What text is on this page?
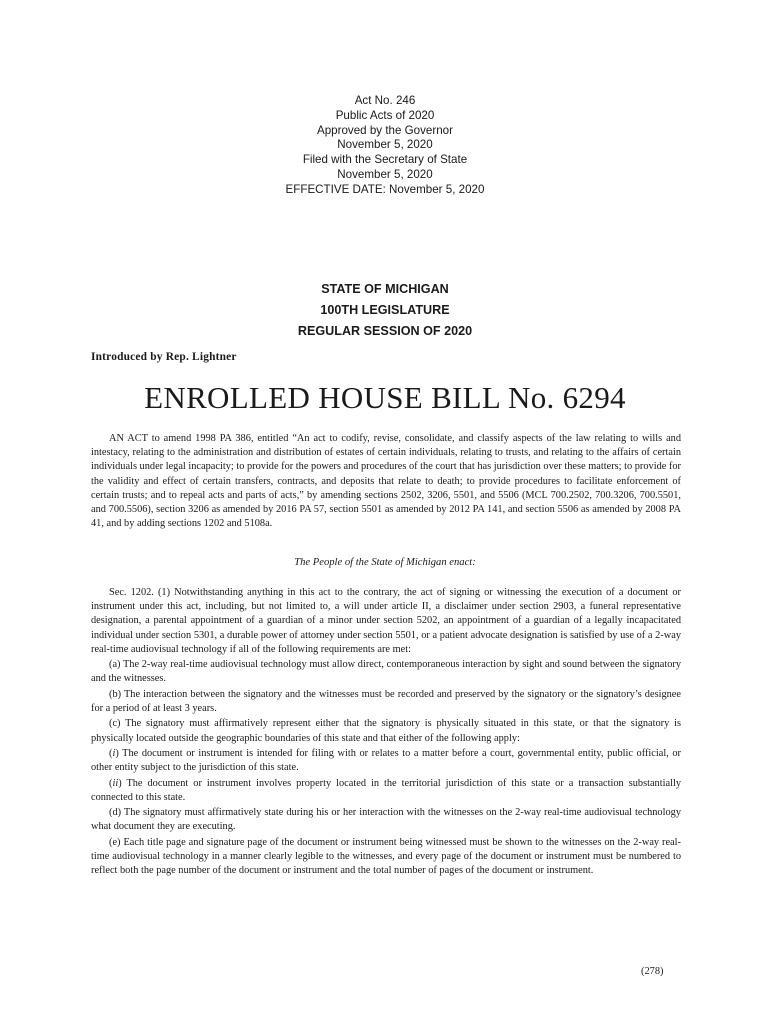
Act No. 246
Public Acts of 2020
Approved by the Governor
November 5, 2020
Filed with the Secretary of State
November 5, 2020
EFFECTIVE DATE: November 5, 2020
STATE OF MICHIGAN
100TH LEGISLATURE
REGULAR SESSION OF 2020
Introduced by Rep. Lightner
ENROLLED HOUSE BILL No. 6294

AN ACT to amend 1998 PA 386, entitled “An act to codify, revise, consolidate, and classify aspects of the law relating to wills and intestacy, relating to the administration and distribution of estates of certain individuals, relating to trusts, and relating to the affairs of certain individuals under legal incapacity; to provide for the powers and procedures of the court that has jurisdiction over these matters; to provide for the validity and effect of certain transfers, contracts, and deposits that relate to death; to provide procedures to facilitate enforcement of certain trusts; and to repeal acts and parts of acts,” by amending sections 2502, 3206, 5501, and 5506 (MCL 700.2502, 700.3206, 700.5501, and 700.5506), section 3206 as amended by 2016 PA 57, section 5501 as amended by 2012 PA 141, and section 5506 as amended by 2008 PA 41, and by adding sections 1202 and 5108a.

The People of the State of Michigan enact:

Sec. 1202. (1) Notwithstanding anything in this act to the contrary, the act of signing or witnessing the execution of a document or instrument under this act, including, but not limited to, a will under article II, a disclaimer under section 2903, a funeral representative designation, a parental appointment of a guardian of a minor under section 5202, an appointment of a guardian of a legally incapacitated individual under section 5301, a durable power of attorney under section 5501, or a patient advocate designation is satisfied by use of a 2-way real-time audiovisual technology if all of the following requirements are met:

(a) The 2-way real-time audiovisual technology must allow direct, contemporaneous interaction by sight and sound between the signatory and the witnesses.

(b) The interaction between the signatory and the witnesses must be recorded and preserved by the signatory or the signatory’s designee for a period of at least 3 years.

(c) The signatory must affirmatively represent either that the signatory is physically situated in this state, or that the signatory is physically located outside the geographic boundaries of this state and that either of the following apply:

(i) The document or instrument is intended for filing with or relates to a matter before a court, governmental entity, public official, or other entity subject to the jurisdiction of this state.

(ii) The document or instrument involves property located in the territorial jurisdiction of this state or a transaction substantially connected to this state.

(d) The signatory must affirmatively state during his or her interaction with the witnesses on the 2-way real-time audiovisual technology what document they are executing.

(e) Each title page and signature page of the document or instrument being witnessed must be shown to the witnesses on the 2-way real-time audiovisual technology in a manner clearly legible to the witnesses, and every page of the document or instrument must be numbered to reflect both the page number of the document or instrument and the total number of pages of the document or instrument.

(278)
